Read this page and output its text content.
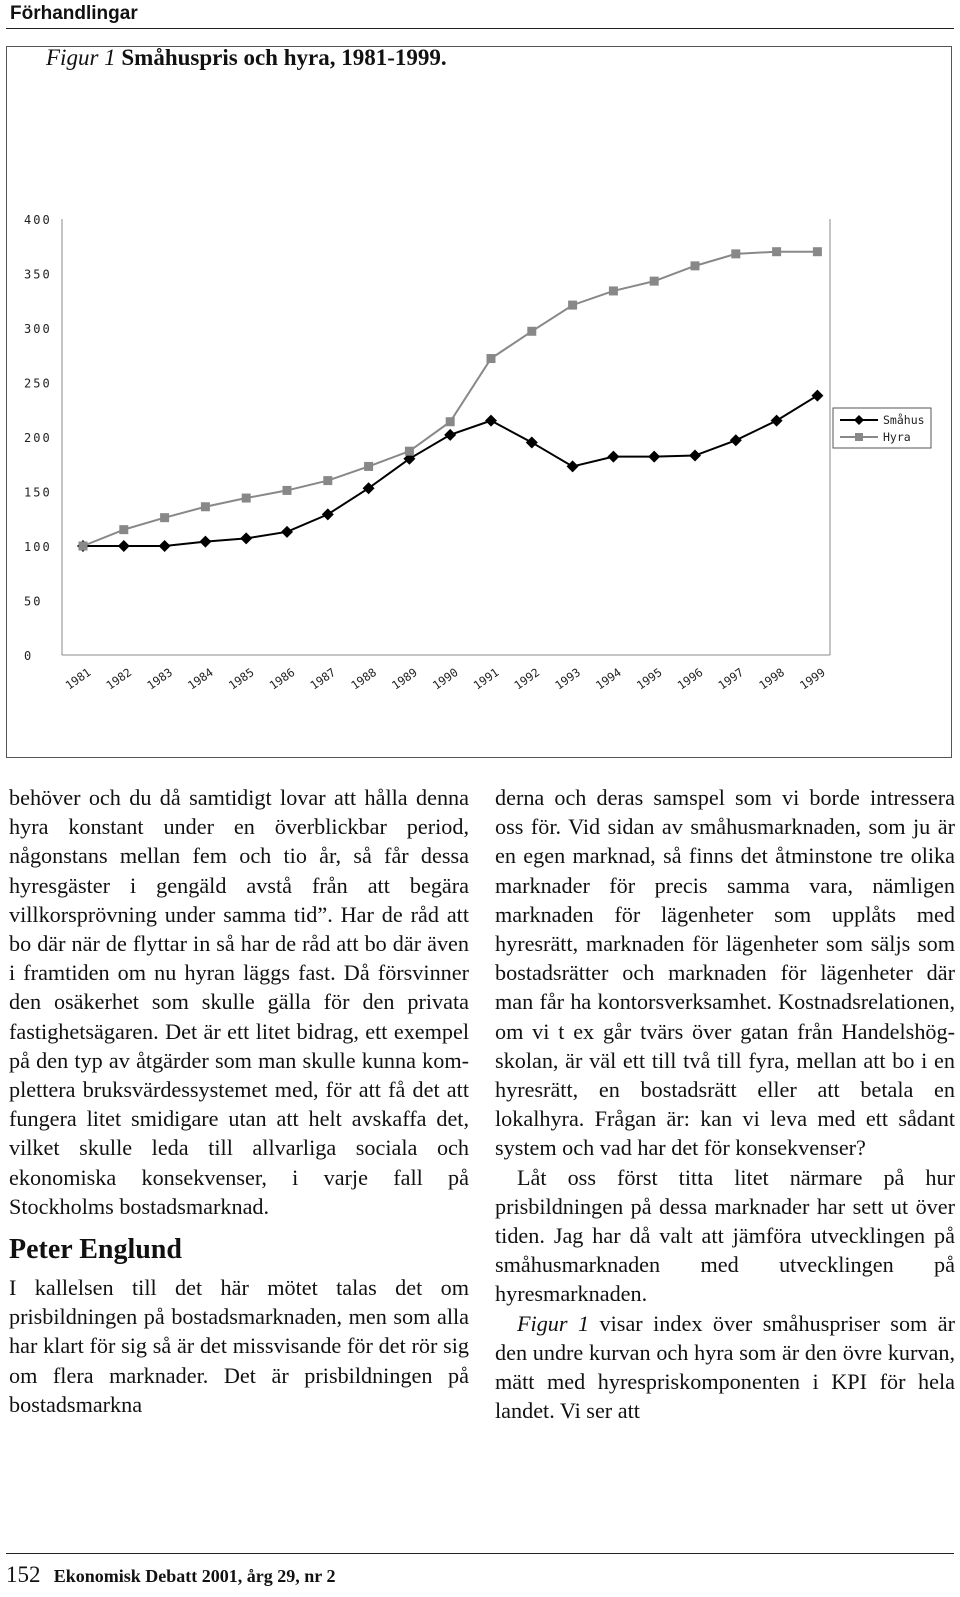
Förhandlingar
Figur 1 Småhuspris och hyra, 1981-1999.
0
50
100
150
200
250
300
350
400
1981 1982 1983 1984 1985 1986 1987 1988 1989 1990 1991 1992 1993 1994 1995 1996 1997 1998 1999
Småhus
Hyra

behöver och du då samtidigt lovar att hålla denna hyra konstant under en överblickbar period, någonstans mellan fem och tio år, så får dessa hyresgäster i gengäld avstå från att begära villkorsprövning under samma tid”. Har de råd att bo där när de flyttar in så har de råd att bo där även i framtiden om nu hyran läggs fast. Då försvinner den osäkerhet som skulle gälla för den privata fastighetsägaren. Det är ett litet bidrag, ett exempel på den typ av åtgärder som man skulle kunna komplettera bruksvärdessystemet med, för att få det att fungera litet smidigare utan att helt avskaffa det, vilket skulle leda till allvarliga sociala och ekonomiska konsekvenser, i varje fall på Stockholms bostadsmarknad.

Peter Englund

I kallelsen till det här mötet talas det om prisbildningen på bostadsmarknaden, men som alla har klart för sig så är det missvisande för det rör sig om flera marknader. Det är prisbildningen på bostadsmarkna

derna och deras samspel som vi borde intressera oss för. Vid sidan av småhusmarknaden, som ju är en egen marknad, så finns det åtminstone tre olika marknader för precis samma vara, nämligen marknaden för lägenheter som upplåts med hyresrätt, marknaden för lägenheter som säljs som bostadsrätter och marknaden för lägenheter där man får ha kontorsverksamhet. Kostnadsrelationen, om vi t ex går tvärs över gatan från Handelshögskolan, är väl ett till två till fyra, mellan att bo i en hyresrätt, en bostadsrätt eller att betala en lokalhyra. Frågan är: kan vi leva med ett sådant system och vad har det för konsekvenser?

Låt oss först titta litet närmare på hur prisbildningen på dessa marknader har sett ut över tiden. Jag har då valt att jämföra utvecklingen på småhusmarknaden med utvecklingen på hyresmarknaden.

Figur 1 visar index över småhuspriser som är den undre kurvan och hyra som är den övre kurvan, mätt med hyrespriskomponenten i KPI för hela landet. Vi ser att

152 Ekonomisk Debatt 2001, årg 29, nr 2
